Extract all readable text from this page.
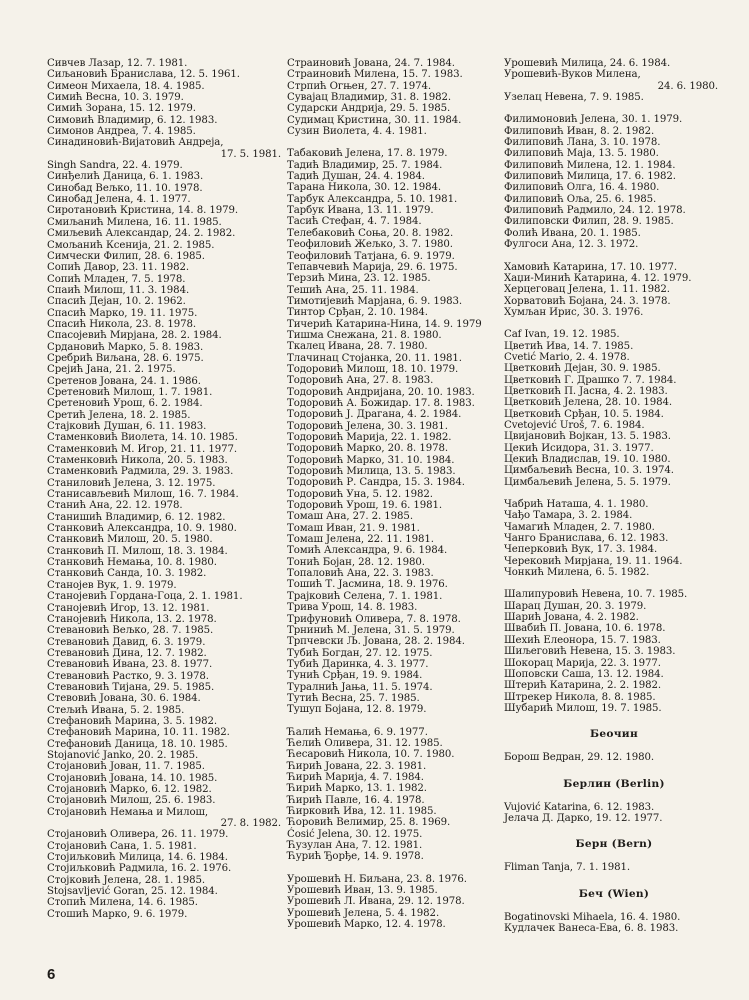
Сивчев Лазар, 12. 7. 1981.
Сиљановић Бранислава, 12. 5. 1961.
Симеон Михаела, 18. 4. 1985.
Симић Весна, 10. 3. 1979.
Симић Зорана, 15. 12. 1979.
Симовић Владимир, 6. 12. 1983.
Симонов Андреа, 7. 4. 1985.
Синадиновић-Вијатовић Андреја,
17. 5. 1981.
Singh Sandra, 22. 4. 1979.
Синђелић Даница, 6. 1. 1983.
Синобад Вељко, 11. 10. 1978.
Синобад Јелена, 4. 1. 1977.
Сиротановић Кристина, 14. 8. 1979.
Смиљанић Милена, 16. 11. 1985.
Смиљевић Александар, 24. 2. 1982.
Смољанић Ксенија, 21. 2. 1985.
Симчески Филип, 28. 6. 1985.
Сопић Давор, 23. 11. 1982.
Сопић Младен, 7. 5. 1978.
Спаић Милош, 11. 3. 1984.
Спасић Дејан, 10. 2. 1962.
Спасић Марко, 19. 11. 1975.
Спасић Никола, 23. 8. 1978.
Спасојевић Мирјана, 28. 2. 1984.
Срдановић Марко, 5. 8. 1983.
Сребрић Виљана, 28. 6. 1975.
Срејић Јана, 21. 2. 1975.
Сретенов Јована, 24. 1. 1986.
Сретеновић Милош, 1. 7. 1981.
Сретеновић Урош, 6. 2. 1984.
Сретић Јелена, 18. 2. 1985.
Стајковић Душан, 6. 11. 1983.
Стаменковић Виолета, 14. 10. 1985.
Стаменковић М. Игор, 21. 11. 1977.
Стаменковић Никола, 20. 5. 1983.
Стаменковић Радмила, 29. 3. 1983.
Станиловић Јелена, 3. 12. 1975.
Станисављевић Милош, 16. 7. 1984.
Станић Ана, 22. 12. 1978.
Станишић Владимир, 6. 12. 1982.
Станковић Александра, 10. 9. 1980.
Станковић Милош, 20. 5. 1980.
Станковић П. Милош, 18. 3. 1984.
Станковић Немања, 10. 8. 1980.
Станковић Санда, 10. 3. 1982.
Станојев Вук, 1. 9. 1979.
Станојевић Гордана-Гоца, 2. 1. 1981.
Станојевић Игор, 13. 12. 1981.
Станојевић Никола, 13. 2. 1978.
Стевановић Вељко, 28. 7. 1985.
Стевановић Давид, 6. 3. 1979.
Стевановић Дина, 12. 7. 1982.
Стевановић Ивана, 23. 8. 1977.
Стевановић Растко, 9. 3. 1978.
Стевановић Тијана, 29. 5. 1985.
Стевовић Јована, 30. 6. 1984.
Стељић Ивана, 5. 2. 1985.
Стефановић Марина, 3. 5. 1982.
Стефановић Марина, 10. 11. 1982.
Стефановић Даница, 18. 10. 1985.
Stojanović Janko, 20. 2. 1985.
Стојановић Јован, 11. 7. 1985.
Стојановић Јована, 14. 10. 1985.
Стојановић Марко, 6. 12. 1982.
Стојановић Милош, 25. 6. 1983.
Стојановић Немања и Милош,
27. 8. 1982.
Стојановић Оливера, 26. 11. 1979.
Стојановић Сана, 1. 5. 1981.
Стојиљковић Милица, 14. 6. 1984.
Стојиљковић Радмила, 16. 2. 1976.
Стојковић Јелена, 28. 1. 1985.
Stojsavljević Goran, 25. 12. 1984.
Стопић Милена, 14. 6. 1985.
Стошић Марко, 9. 6. 1979.
Страиновић Јована, 24. 7. 1984.
Страиновић Милена, 15. 7. 1983.
Стрпић Огњен, 27. 7. 1974.
Сувајац Владимир, 31. 8. 1982.
Сударски Андрија, 29. 5. 1985.
Судимац Кристина, 30. 11. 1984.
Сузин Виолета, 4. 4. 1981.
Табаковић Јелена, 17. 8. 1979.
Тадић Владимир, 25. 7. 1984.
Тадић Душан, 24. 4. 1984.
Тарана Никола, 30. 12. 1984.
Тарбук Александра, 5. 10. 1981.
Тарбук Ивана, 13. 11. 1979.
Тасић Стефан, 4. 7. 1984.
Телебаковић Соња, 20. 8. 1982.
Теофиловић Жељко, 3. 7. 1980.
Теофиловић Татјана, 6. 9. 1979.
Тепавчевић Марија, 29. 6. 1975.
Терзић Мина, 23. 12. 1985.
Тешић Ана, 25. 11. 1984.
Тимотијевић Марјана, 6. 9. 1983.
Тинтор Срђан, 2. 10. 1984.
Тичерић Катарина-Нина, 14. 9. 1979
Тишма Снежана, 21. 8. 1980.
Ткалец Ивана, 28. 7. 1980.
Тлачинац Стојанка, 20. 11. 1981.
Тодоровић Милош, 18. 10. 1979.
Тодоровић Ана, 27. 8. 1983.
Тодоровић Андријана, 20. 10. 1983.
Тодоровић А. Божидар. 17. 8. 1983.
Тодоровић Ј. Драгана, 4. 2. 1984.
Тодоровић Јелена, 30. 3. 1981.
Тодоровић Марија, 22. 1. 1982.
Тодоровић Марко, 20. 8. 1978.
Тодоровић Марко, 31. 10. 1984.
Тодоровић Милица, 13. 5. 1983.
Тодоровић Р. Сандра, 15. 3. 1984.
Тодоровић Уна, 5. 12. 1982.
Тодоровић Урош, 19. 6. 1981.
Томаш Ана, 27. 2. 1985.
Томаш Иван, 21. 9. 1981.
Томаш Јелена, 22. 11. 1981.
Томић Александра, 9. 6. 1984.
Тонић Бојан, 28. 12. 1980.
Топаловић Ана, 22. 3. 1983.
Тошић Т. Јасмина, 18. 9. 1976.
Трајковић Селена, 7. 1. 1981.
Трива Урош, 14. 8. 1983.
Трифуновић Оливера, 7. 8. 1978.
Трнинић М. Јелена, 31. 5. 1979.
Трпчевски Љ. Јована, 28. 2. 1984.
Тубић Богдан, 27. 12. 1975.
Тубић Даринка, 4. 3. 1977.
Тунић Срђан, 19. 9. 1984.
Туралнић Јања, 11. 5. 1974.
Тутић Весна, 25. 7. 1985.
Тушуп Бојана, 12. 8. 1979.
Ћалић Немања, 6. 9. 1977.
Ћелић Оливера, 31. 12. 1985.
Ћесаровић Никола, 10. 7. 1980.
Ћирић Јована, 22. 3. 1981.
Ћирић Марија, 4. 7. 1984.
Ћирић Марко, 13. 1. 1982.
Ћирић Павле, 16. 4. 1978.
Ћирковић Ива, 12. 11. 1985.
Ћоровић Велимир, 25. 8. 1969.
Ćosić Jelena, 30. 12. 1975.
Ћузулан Ана, 7. 12. 1981.
Ћурић Ђорђе, 14. 9. 1978.
Урошевић Н. Биљана, 23. 8. 1976.
Урошевић Иван, 13. 9. 1985.
Урошевић Л. Ивана, 29. 12. 1978.
Урошевић Јелена, 5. 4. 1982.
Урошевић Марко, 12. 4. 1978.
Урошевић Милица, 24. 6. 1984.
Урошевић-Вуков Милена,
24. 6. 1980.
Узелац Невена, 7. 9. 1985.
Филимоновић Јелена, 30. 1. 1979.
Филиповић Иван, 8. 2. 1982.
Филиповић Лана, 3. 10. 1978.
Филиповић Маја, 13. 5. 1980.
Филиповић Милена, 12. 1. 1984.
Филиповић Милица, 17. 6. 1982.
Филиповић Олга, 16. 4. 1980.
Филиповић Оља, 25. 6. 1985.
Филиповић Радмило, 24. 12. 1978.
Филиповски Филип, 28. 9. 1985.
Фолић Ивана, 20. 1. 1985.
Фулгоси Ана, 12. 3. 1972.
Хамовић Катарина, 17. 10. 1977.
Хаџи-Минић Катарина, 4. 12. 1979.
Херцеговац Јелена, 1. 11. 1982.
Хорватовић Бојана, 24. 3. 1978.
Хумљан Ирис, 30. 3. 1976.
Caf Ivan, 19. 12. 1985.
Цветић Ива, 14. 7. 1985.
Cvetić Mario, 2. 4. 1978.
Цветковић Дејан, 30. 9. 1985.
Цветковић Г. Драшко 7. 7. 1984.
Цветковић П. Јасна, 4. 2. 1983.
Цветковић Јелена, 28. 10. 1984.
Цветковић Срђан, 10. 5. 1984.
Cvetojević Uroš, 7. 6. 1984.
Цвијановић Војкан, 13. 5. 1983.
Цекић Исидора, 31. 3. 1977.
Цекић Владислав, 19. 10. 1980.
Цимбаљевић Весна, 10. 3. 1974.
Цимбаљевић Јелена, 5. 5. 1979.
Чабрић Наташа, 4. 1. 1980.
Чађо Тамара, 3. 2. 1984.
Чамагић Младен, 2. 7. 1980.
Чанго Бранислава, 6. 12. 1983.
Чеперковић Вук, 17. 3. 1984.
Черековић Мирјана, 19. 11. 1964.
Чонкић Милена, 6. 5. 1982.
Шалипуровић Невена, 10. 7. 1985.
Шарац Душан, 20. 3. 1979.
Шарић Јована, 4. 2. 1982.
Швабић П. Јована, 10. 6. 1978.
Шехић Елеонора, 15. 7. 1983.
Шиљеговић Невена, 15. 3. 1983.
Шокорац Марија, 22. 3. 1977.
Шоповски Саша, 13. 12. 1984.
Штерић Катарина, 2. 2. 1982.
Штрекер Никола, 8. 8. 1985.
Шубарић Милош, 19. 7. 1985.
Беочин
Борош Ведран, 29. 12. 1980.
Берлин (Berlin)
Vujović Katarina, 6. 12. 1983.
Јелача Д. Дарко, 19. 12. 1977.
Берн (Bern)
Fliman Tanja, 7. 1. 1981.
Беч (Wien)
Bogatinovski Mihaela, 16. 4. 1980.
Кудлачек Ванеса-Ева, 6. 8. 1983.
6
